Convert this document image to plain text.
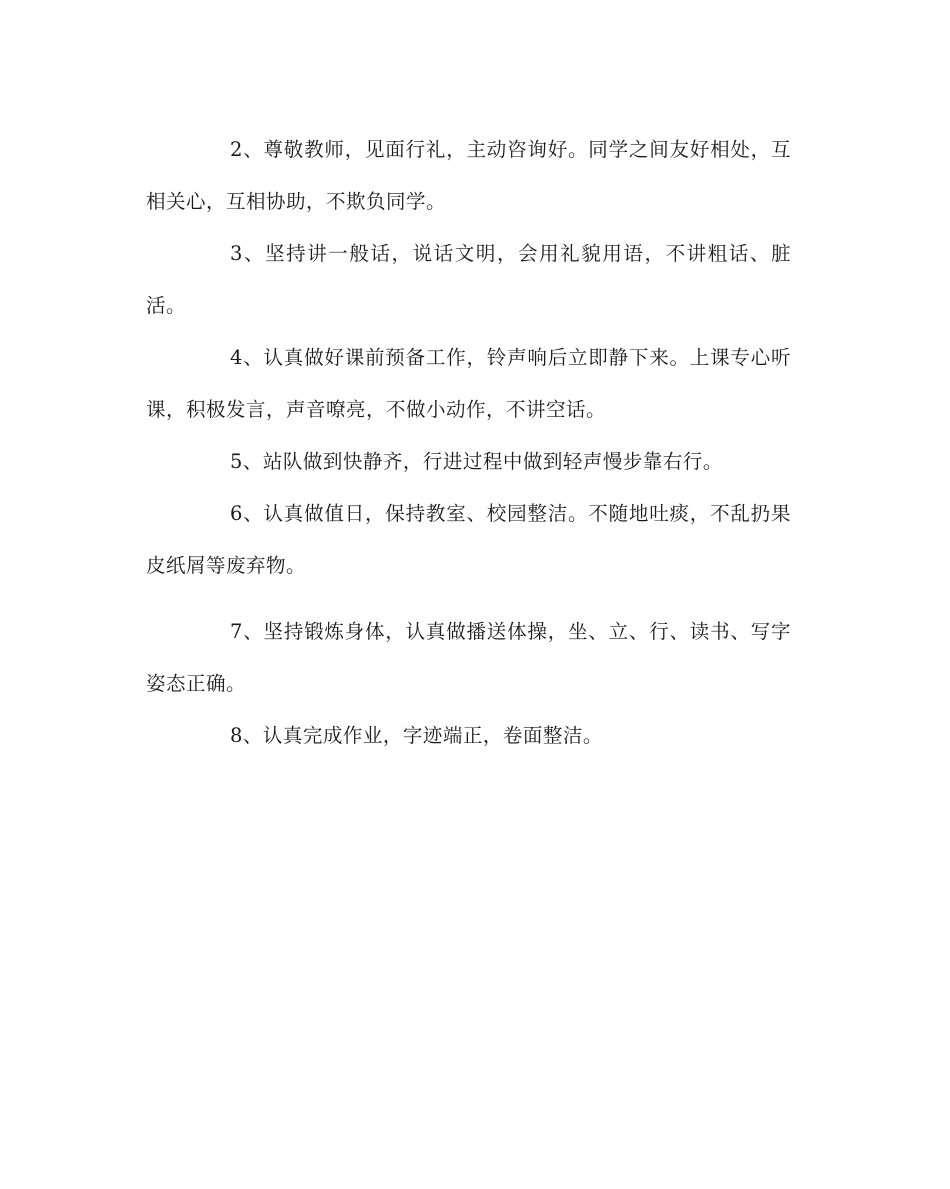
2、尊敬教师，见面行礼，主动咨询好。同学之间友好相处，互相关心，互相协助，不欺负同学。

3、坚持讲一般话，说话文明，会用礼貌用语，不讲粗话、脏活。

4、认真做好课前预备工作，铃声响后立即静下来。上课专心听课，积极发言，声音嘹亮，不做小动作，不讲空话。

5、站队做到快静齐，行进过程中做到轻声慢步靠右行。

6、认真做值日，保持教室、校园整洁。不随地吐痰，不乱扔果皮纸屑等废弃物。

7、坚持锻炼身体，认真做播送体操，坐、立、行、读书、写字姿态正确。

8、认真完成作业，字迹端正，卷面整洁。
